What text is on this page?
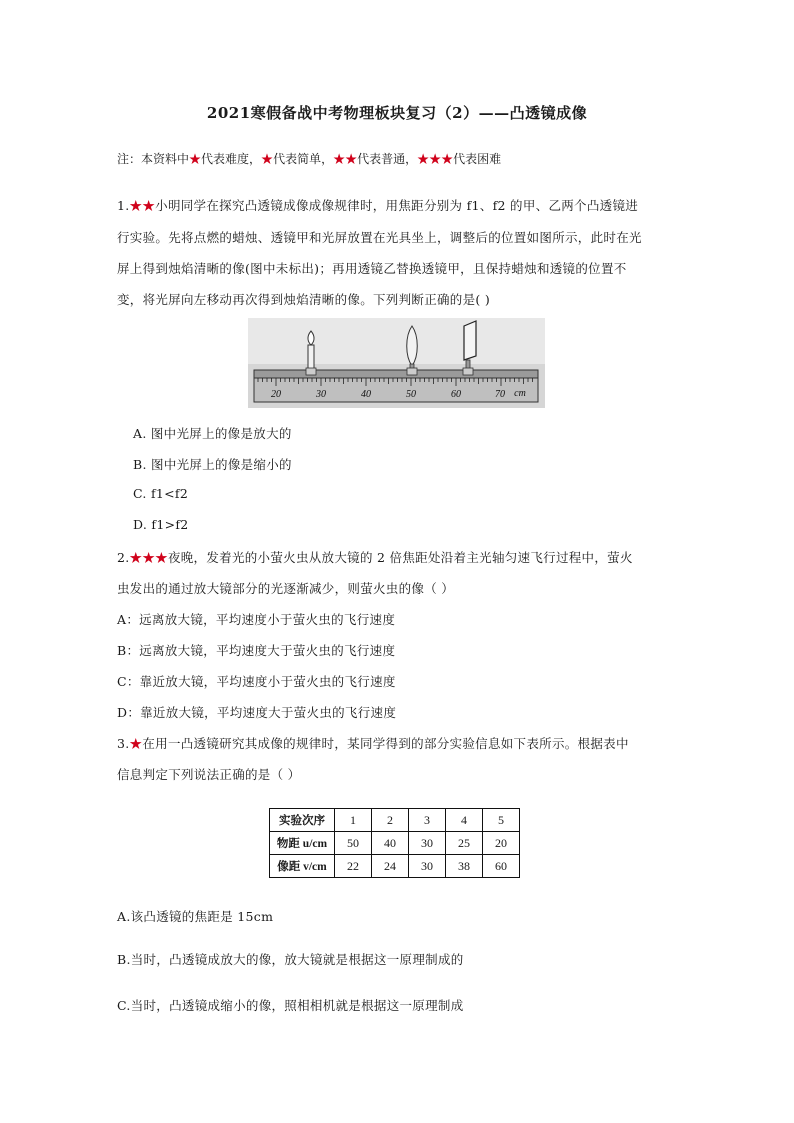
2021寒假备战中考物理板块复习（2）——凸透镜成像
注：本资料中★代表难度，★代表简单，★★代表普通，★★★代表困难
1.★★小明同学在探究凸透镜成像成像规律时，用焦距分别为 f1、f2 的甲、乙两个凸透镜进
行实验。先将点燃的蜡烛、透镜甲和光屏放置在光具坐上，调整后的位置如图所示，此时在光
屏上得到烛焰清晰的像(图中未标出)；再用透镜乙替换透镜甲，且保持蜡烛和透镜的位置不
变，将光屏向左移动再次得到烛焰清晰的像。下列判断正确的是( )
20	30	40	50	60	70 cm
A. 图中光屏上的像是放大的
B. 图中光屏上的像是缩小的
C. f1<f2
D. f1>f2
2.★★★夜晚，发着光的小萤火虫从放大镜的 2 倍焦距处沿着主光轴匀速飞行过程中，萤火
虫发出的通过放大镜部分的光逐渐减少，则萤火虫的像（ ）
A：远离放大镜，平均速度小于萤火虫的飞行速度
B：远离放大镜，平均速度大于萤火虫的飞行速度
C：靠近放大镜，平均速度小于萤火虫的飞行速度
D：靠近放大镜，平均速度大于萤火虫的飞行速度
3.★在用一凸透镜研究其成像的规律时，某同学得到的部分实验信息如下表所示。根据表中
信息判定下列说法正确的是（ ）
实验次序	1	2	3	4	5
物距 u/cm	50	40	30	25	20
像距 v/cm	22	24	30	38	60
A.该凸透镜的焦距是 15cm
B.当时，凸透镜成放大的像，放大镜就是根据这一原理制成的
C.当时，凸透镜成缩小的像，照相相机就是根据这一原理制成
